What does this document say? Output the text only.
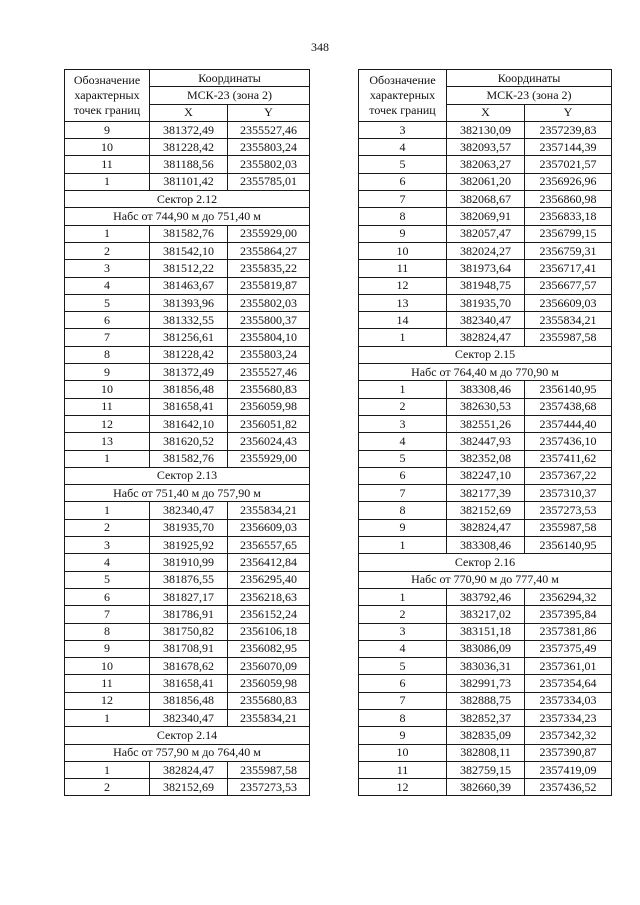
348
Обозначение
характерных
точек границ	Координаты	
	МСК-23 (зона 2)	
	X	Y
9	381372,49	2355527,46
10	381228,42	2355803,24
11	381188,56	2355802,03
1	381101,42	2355785,01
Сектор 2.12		
Набс от 744,90 м до 751,40 м		
1	381582,76	2355929,00
2	381542,10	2355864,27
3	381512,22	2355835,22
4	381463,67	2355819,87
5	381393,96	2355802,03
6	381332,55	2355800,37
7	381256,61	2355804,10
8	381228,42	2355803,24
9	381372,49	2355527,46
10	381856,48	2355680,83
11	381658,41	2356059,98
12	381642,10	2356051,82
13	381620,52	2356024,43
1	381582,76	2355929,00
Сектор 2.13		
Набс от 751,40 м до 757,90 м		
1	382340,47	2355834,21
2	381935,70	2356609,03
3	381925,92	2356557,65
4	381910,99	2356412,84
5	381876,55	2356295,40
6	381827,17	2356218,63
7	381786,91	2356152,24
8	381750,82	2356106,18
9	381708,91	2356082,95
10	381678,62	2356070,09
11	381658,41	2356059,98
12	381856,48	2355680,83
1	382340,47	2355834,21
Сектор 2.14		
Набс от 757,90 м до 764,40 м		
1	382824,47	2355987,58
2	382152,69	2357273,53
Обозначение
характерных
точек границ	Координаты	
	МСК-23 (зона 2)	
	X	Y
3	382130,09	2357239,83
4	382093,57	2357144,39
5	382063,27	2357021,57
6	382061,20	2356926,96
7	382068,67	2356860,98
8	382069,91	2356833,18
9	382057,47	2356799,15
10	382024,27	2356759,31
11	381973,64	2356717,41
12	381948,75	2356677,57
13	381935,70	2356609,03
14	382340,47	2355834,21
1	382824,47	2355987,58
Сектор 2.15		
Набс от 764,40 м до 770,90 м		
1	383308,46	2356140,95
2	382630,53	2357438,68
3	382551,26	2357444,40
4	382447,93	2357436,10
5	382352,08	2357411,62
6	382247,10	2357367,22
7	382177,39	2357310,37
8	382152,69	2357273,53
9	382824,47	2355987,58
1	383308,46	2356140,95
Сектор 2.16		
Набс от 770,90 м до 777,40 м		
1	383792,46	2356294,32
2	383217,02	2357395,84
3	383151,18	2357381,86
4	383086,09	2357375,49
5	383036,31	2357361,01
6	382991,73	2357354,64
7	382888,75	2357334,03
8	382852,37	2357334,23
9	382835,09	2357342,32
10	382808,11	2357390,87
11	382759,15	2357419,09
12	382660,39	2357436,52
